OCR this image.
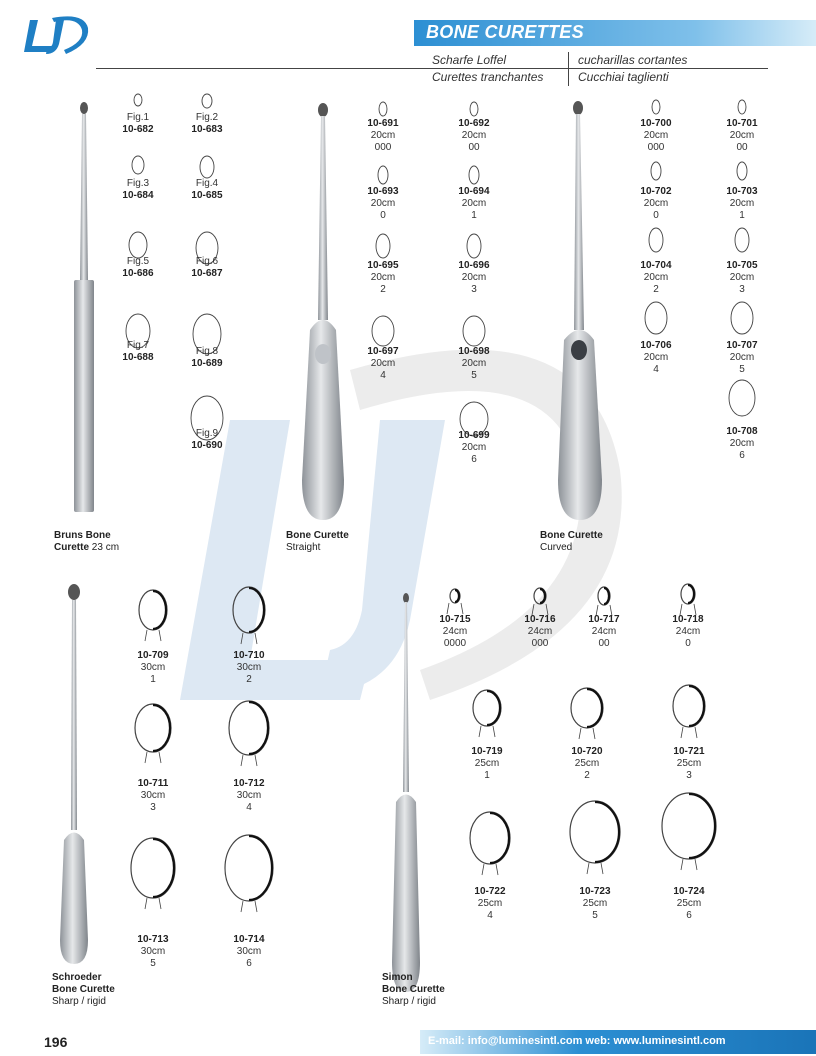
BONE CURETTES
Scharfe Loffel	cucharillas cortantes
Curettes tranchantes	Cucchiai taglienti
Fig.1
10-682
Fig.2
10-683
Fig.3
10-684
Fig.4
10-685
Fig.5
10-686
Fig.6
10-687
Fig.7
10-688
Fig.8
10-689
Fig.9
10-690
Bruns Bone
Curette 23 cm
10-691
20cm
000
10-692
20cm
00
10-693
20cm
0
10-694
20cm
1
10-695
20cm
2
10-696
20cm
3
10-697
20cm
4
10-698
20cm
5
10-699
20cm
6
Bone Curette
Straight
10-700
20cm
000
10-701
20cm
00
10-702
20cm
0
10-703
20cm
1
10-704
20cm
2
10-705
20cm
3
10-706
20cm
4
10-707
20cm
5
10-708
20cm
6
Bone Curette
Curved
10-709
30cm
1
10-710
30cm
2
10-711
30cm
3
10-712
30cm
4
10-713
30cm
5
10-714
30cm
6
Schroeder
Bone Curette
Sharp / rigid
10-715
24cm
0000
10-716
24cm
000
10-717
24cm
00
10-718
24cm
0
10-719
25cm
1
10-720
25cm
2
10-721
25cm
3
10-722
25cm
4
10-723
25cm
5
10-724
25cm
6
Simon
Bone Curette
Sharp / rigid
196	E-mail: info@luminesintl.com web: www.luminesintl.com
